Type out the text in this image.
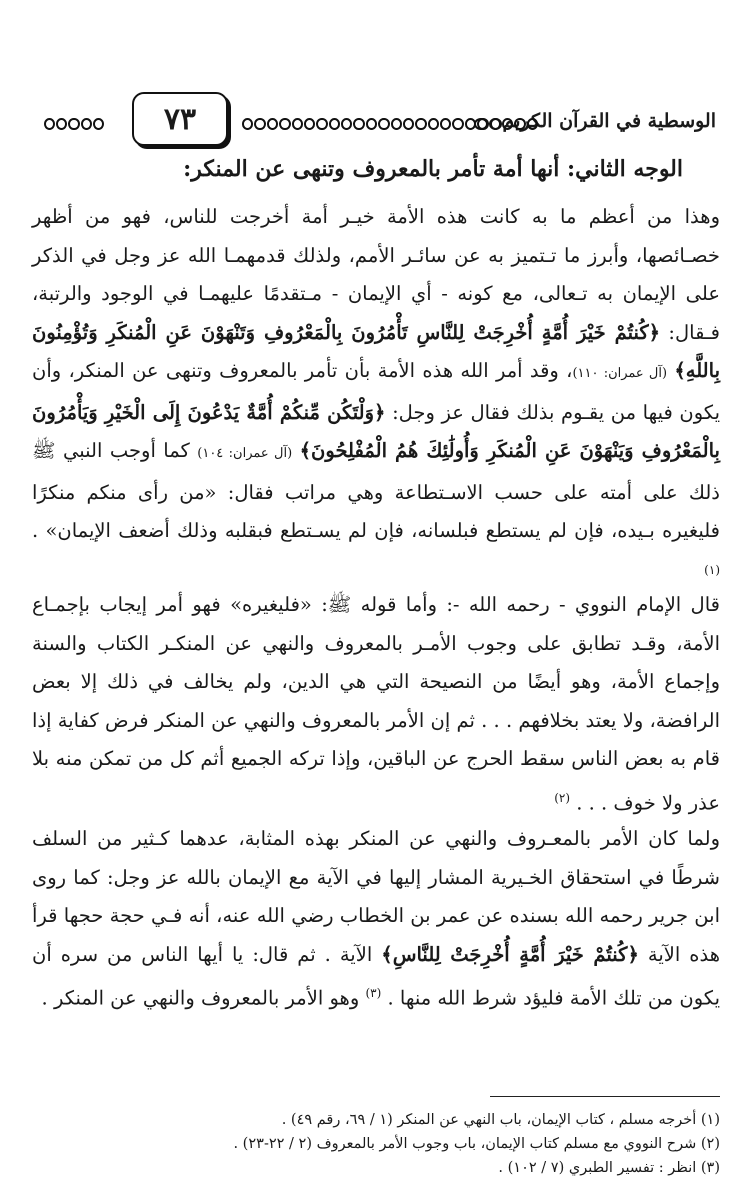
الوسطية في القرآن الكريم
٧٣
الوجه الثاني: أنها أمة تأمر بالمعروف وتنهى عن المنكر:

وهذا من أعظم ما به كانت هذه الأمة خيـر أمة أخرجت للناس، فهو من أظهر خصـائصها، وأبرز ما تـتميز به عن سائـر الأمم، ولذلك قدمهمـا الله عز وجل في الذكر على الإيمان به تـعالى، مع كونه - أي الإيمان - مـتقدمًا عليهمـا في الوجود والرتبة، فـقال: ﴿كُنتُمْ خَيْرَ أُمَّةٍ أُخْرِجَتْ لِلنَّاسِ تَأْمُرُونَ بِالْمَعْرُوفِ وَتَنْهَوْنَ عَنِ الْمُنكَرِ وَتُؤْمِنُونَ بِاللَّهِ﴾ (آل عمران: ١١٠)، وقد أمر الله هذه الأمة بأن تأمر بالمعروف وتنهى عن المنكر، وأن يكون فيها من يقـوم بذلك فقال عز وجل: ﴿وَلْتَكُن مِّنكُمْ أُمَّةٌ يَدْعُونَ إِلَى الْخَيْرِ وَيَأْمُرُونَ بِالْمَعْرُوفِ وَيَنْهَوْنَ عَنِ الْمُنكَرِ وَأُولَٰئِكَ هُمُ الْمُفْلِحُونَ﴾ (آل عمران: ١٠٤) كما أوجب النبي ﷺ ذلك على أمته على حسب الاسـتطاعة وهي مراتب فقال: «من رأى منكم منكرًا فليغيره بـيده، فإن لم يستطع فبلسانه، فإن لم يسـتطع فبقلبه وذلك أضعف الإيمان» . $^{(١)}$

قال الإمام النووي - رحمه الله -: وأما قوله ﷺ: «فليغيره» فهو أمر إيجاب بإجمـاع الأمة، وقـد تطابق على وجوب الأمـر بالمعروف والنهي عن المنكـر الكتاب والسنة وإجماع الأمة، وهو أيضًا من النصيحة التي هي الدين، ولم يخالف في ذلك إلا بعض الرافضة، ولا يعتد بخلافهم . . . ثم إن الأمر بالمعروف والنهي عن المنكر فرض كفاية إذا قام به بعض الناس سقط الحرج عن الباقين، وإذا تركه الجميع أثم كل من تمكن منه بلا عذر ولا خوف . . . $^{(٢)}$

ولما كان الأمر بالمعـروف والنهي عن المنكر بهذه المثابة، عدهما كـثير من السلف شرطًا في استحقاق الخـيرية المشار إليها في الآية مع الإيمان بالله عز وجل: كما روى ابن جرير رحمه الله بسنده عن عمر بن الخطاب رضي الله عنه، أنه فـي حجة حجها قرأ هذه الآية ﴿كُنتُمْ خَيْرَ أُمَّةٍ أُخْرِجَتْ لِلنَّاسِ﴾ الآية . ثم قال: يا أيها الناس من سره أن يكون من تلك الأمة فليؤد شرط الله منها . $^{(٣)}$ وهو الأمر بالمعروف والنهي عن المنكر .

(١) أخرجه مسلم ، كتاب الإيمان، باب النهي عن المنكر (١ / ٦٩، رقم ٤٩) .
(٢) شرح النووي مع مسلم كتاب الإيمان، باب وجوب الأمر بالمعروف (٢ / ٢٢-٢٣) .
(٣) انظر : تفسير الطبري (٧ / ١٠٢) .
